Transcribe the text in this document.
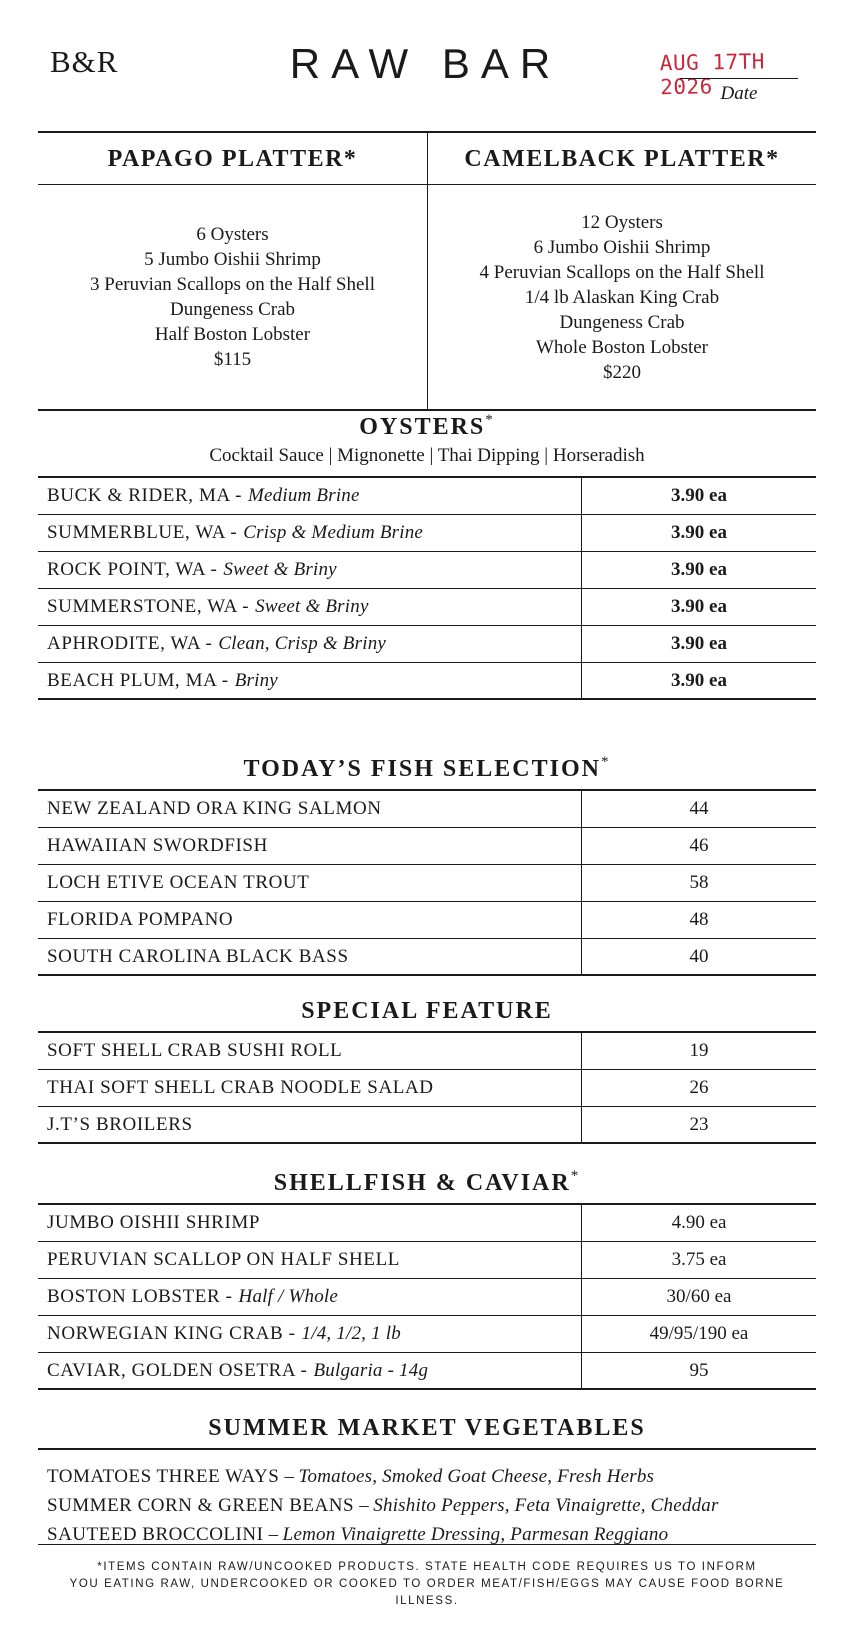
B&R	RAW BAR	AUG 17TH 2026 Date
PAPAGO PLATTER*
6 Oysters
5 Jumbo Oishii Shrimp
3 Peruvian Scallops on the Half Shell
Dungeness Crab
Half Boston Lobster
$115
CAMELBACK PLATTER*
12 Oysters
6 Jumbo Oishii Shrimp
4 Peruvian Scallops on the Half Shell
1/4 lb Alaskan King Crab
Dungeness Crab
Whole Boston Lobster
$220
OYSTERS*
Cocktail Sauce | Mignonette | Thai Dipping | Horseradish
BUCK & RIDER, MA - Medium Brine	3.90 ea
SUMMERBLUE, WA - Crisp & Medium Brine	3.90 ea
ROCK POINT, WA - Sweet & Briny	3.90 ea
SUMMERSTONE, WA - Sweet & Briny	3.90 ea
APHRODITE, WA - Clean, Crisp & Briny	3.90 ea
BEACH PLUM, MA - Briny	3.90 ea
TODAY’S FISH SELECTION*
NEW ZEALAND ORA KING SALMON	44
HAWAIIAN SWORDFISH	46
LOCH ETIVE OCEAN TROUT	58
FLORIDA POMPANO	48
SOUTH CAROLINA BLACK BASS	40
SPECIAL FEATURE
SOFT SHELL CRAB SUSHI ROLL	19
THAI SOFT SHELL CRAB NOODLE SALAD	26
J.T’S BROILERS	23
SHELLFISH & CAVIAR*
JUMBO OISHII SHRIMP	4.90 ea
PERUVIAN SCALLOP ON HALF SHELL	3.75 ea
BOSTON LOBSTER - Half / Whole	30/60 ea
NORWEGIAN KING CRAB - 1/4, 1/2, 1 lb	49/95/190 ea
CAVIAR, GOLDEN OSETRA - Bulgaria - 14g	95
SUMMER MARKET VEGETABLES
TOMATOES THREE WAYS – Tomatoes, Smoked Goat Cheese, Fresh Herbs
SUMMER CORN & GREEN BEANS – Shishito Peppers, Feta Vinaigrette, Cheddar
SAUTEED BROCCOLINI – Lemon Vinaigrette Dressing, Parmesan Reggiano
*ITEMS CONTAIN RAW/UNCOOKED PRODUCTS. STATE HEALTH CODE REQUIRES US TO INFORM
YOU EATING RAW, UNDERCOOKED OR COOKED TO ORDER MEAT/FISH/EGGS MAY CAUSE FOOD BORNE ILLNESS.
